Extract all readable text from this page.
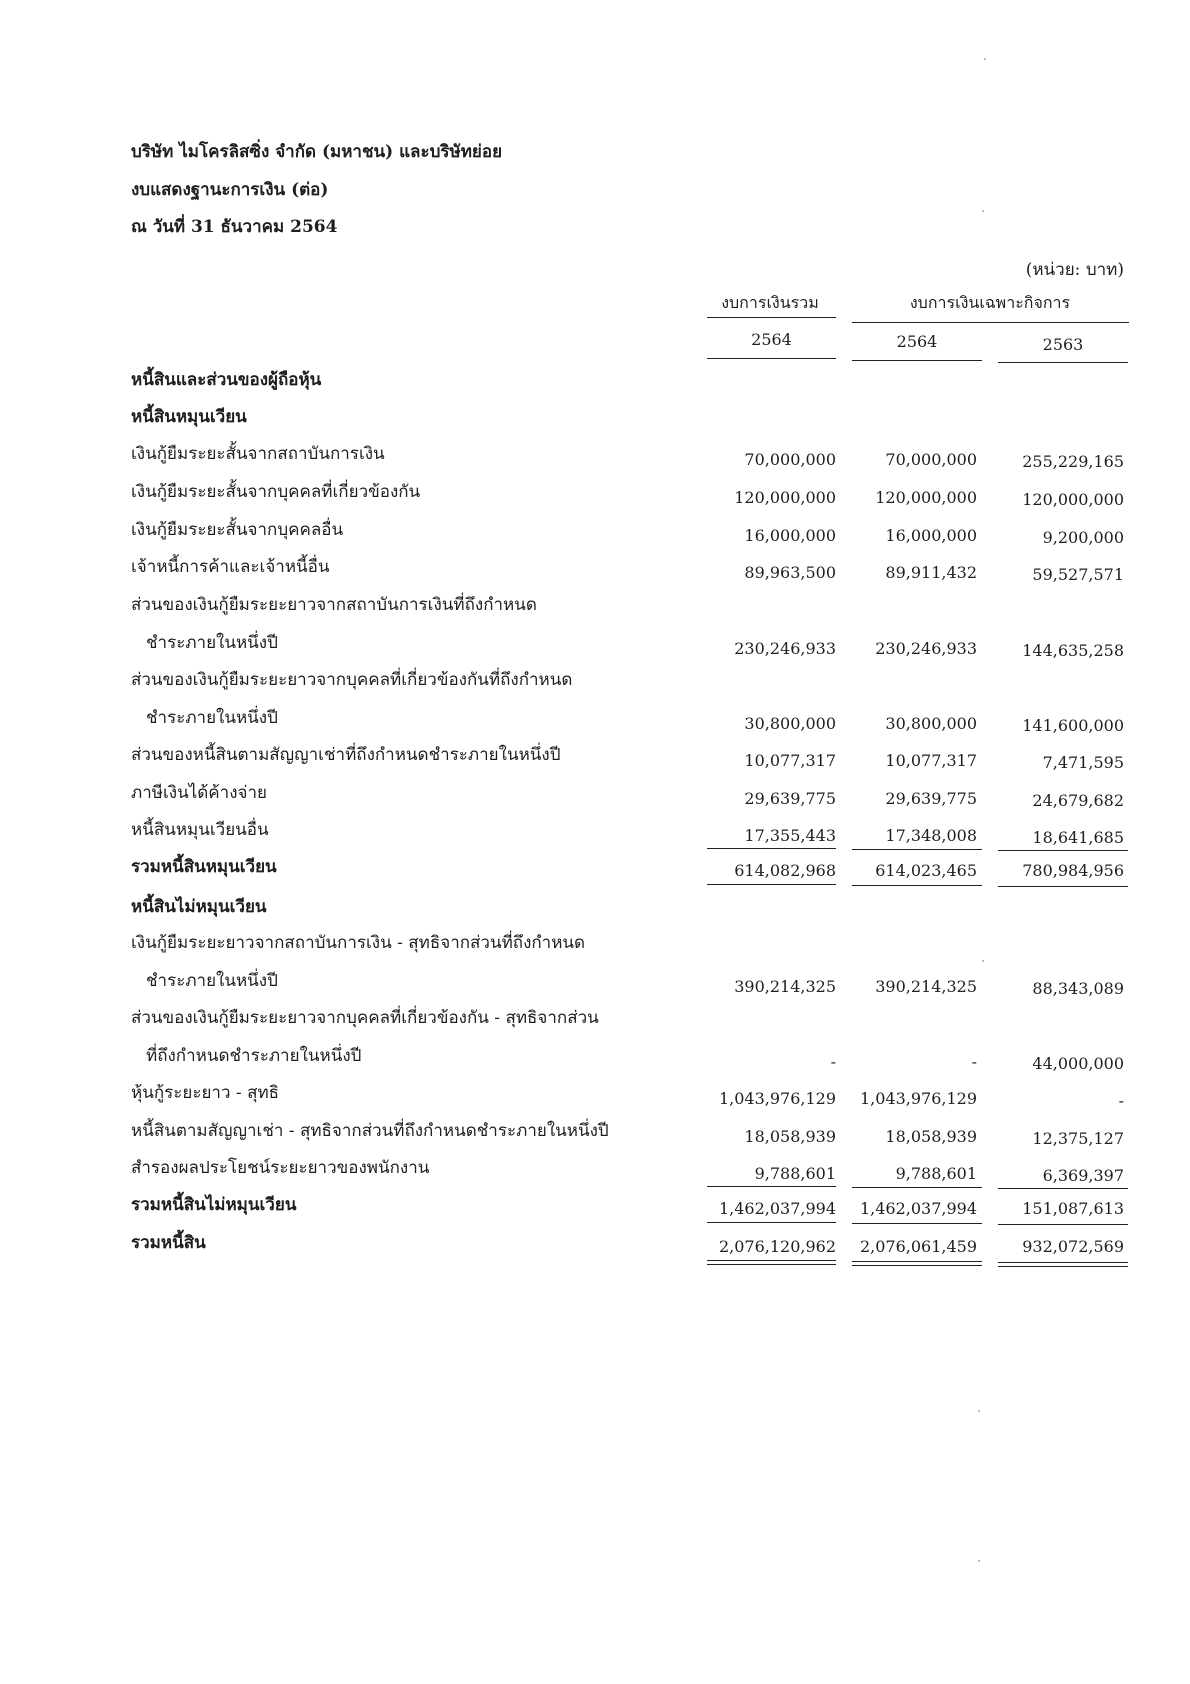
บริษัท ไมโครลิสซิ่ง จำกัด (มหาชน) และบริษัทย่อย
งบแสดงฐานะการเงิน (ต่อ)
ณ วันที่ 31 ธันวาคม 2564
(หน่วย: บาท)
งบการเงินรวม	งบการเงินเฉพาะกิจการ
2564	2564	2563
หนี้สินและส่วนของผู้ถือหุ้น
หนี้สินหมุนเวียน
เงินกู้ยืมระยะสั้นจากสถาบันการเงิน	70,000,000	70,000,000	255,229,165
เงินกู้ยืมระยะสั้นจากบุคคลที่เกี่ยวข้องกัน	120,000,000	120,000,000	120,000,000
เงินกู้ยืมระยะสั้นจากบุคคลอื่น	16,000,000	16,000,000	9,200,000
เจ้าหนี้การค้าและเจ้าหนี้อื่น	89,963,500	89,911,432	59,527,571
ส่วนของเงินกู้ยืมระยะยาวจากสถาบันการเงินที่ถึงกำหนด
ชำระภายในหนึ่งปี	230,246,933	230,246,933	144,635,258
ส่วนของเงินกู้ยืมระยะยาวจากบุคคลที่เกี่ยวข้องกันที่ถึงกำหนด
ชำระภายในหนึ่งปี	30,800,000	30,800,000	141,600,000
ส่วนของหนี้สินตามสัญญาเช่าที่ถึงกำหนดชำระภายในหนึ่งปี	10,077,317	10,077,317	7,471,595
ภาษีเงินได้ค้างจ่าย	29,639,775	29,639,775	24,679,682
หนี้สินหมุนเวียนอื่น	17,355,443	17,348,008	18,641,685
รวมหนี้สินหมุนเวียน	614,082,968	614,023,465	780,984,956
หนี้สินไม่หมุนเวียน
เงินกู้ยืมระยะยาวจากสถาบันการเงิน - สุทธิจากส่วนที่ถึงกำหนด
ชำระภายในหนึ่งปี	390,214,325	390,214,325	88,343,089
ส่วนของเงินกู้ยืมระยะยาวจากบุคคลที่เกี่ยวข้องกัน - สุทธิจากส่วน
ที่ถึงกำหนดชำระภายในหนึ่งปี	-	-	44,000,000
หุ้นกู้ระยะยาว - สุทธิ	1,043,976,129	1,043,976,129	-
หนี้สินตามสัญญาเช่า - สุทธิจากส่วนที่ถึงกำหนดชำระภายในหนึ่งปี	18,058,939	18,058,939	12,375,127
สำรองผลประโยชน์ระยะยาวของพนักงาน	9,788,601	9,788,601	6,369,397
รวมหนี้สินไม่หมุนเวียน	1,462,037,994	1,462,037,994	151,087,613
รวมหนี้สิน	2,076,120,962	2,076,061,459	932,072,569
